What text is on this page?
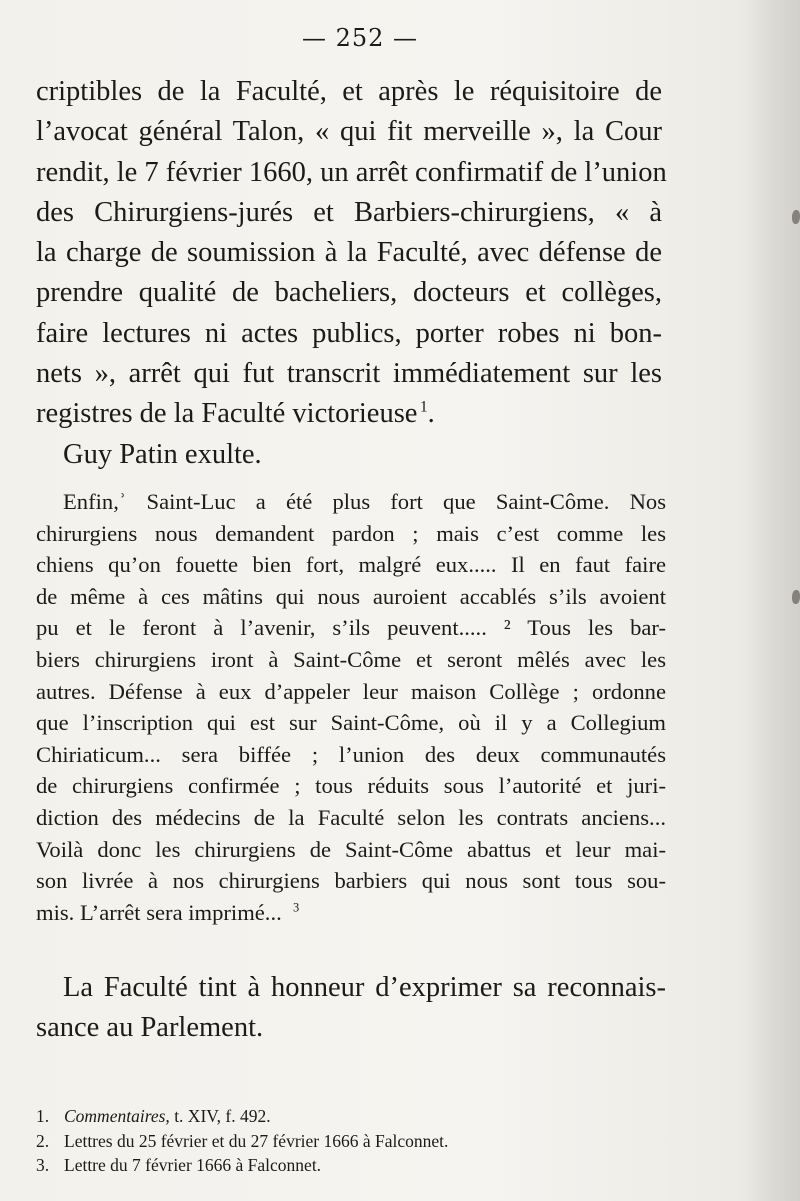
— 252 —
criptibles de la Faculté, et après le réquisitoire de
l’avocat général Talon, « qui fit merveille », la Cour
rendit, le 7 février 1660, un arrêt confirmatif de l’union
des Chirurgiens-jurés et Barbiers-chirurgiens, « à
la charge de soumission à la Faculté, avec défense de
prendre qualité de bacheliers, docteurs et collèges,
faire lectures ni actes publics, porter robes ni bon-
nets », arrêt qui fut transcrit immédiatement sur les
registres de la Faculté victorieuse  $^1$.
Guy Patin exulte.
Enfin,ʾ Saint-Luc a été plus fort que Saint-Côme. Nos
chirurgiens nous demandent pardon ; mais c’est comme les
chiens qu’on fouette bien fort, malgré eux..... Il en faut faire
de même à ces mâtins qui nous auroient accablés s’ils avoient
pu et le feront à l’avenir, s’ils peuvent..... ² Tous les bar-
biers chirurgiens iront à Saint-Côme et seront mêlés avec les
autres. Défense à eux d’appeler leur maison Collège ; ordonne
que l’inscription qui est sur Saint-Côme, où il y a Collegium
Chiriaticum... sera biffée ; l’union des deux communautés
de chirurgiens confirmée ; tous réduits sous l’autorité et juri-
diction des médecins de la Faculté selon les contrats anciens...
Voilà donc les chirurgiens de Saint-Côme abattus et leur mai-
son livrée à nos chirurgiens barbiers qui nous sont tous sou-
mis. L’arrêt sera imprimé...  $^3$
La Faculté tint à honneur d’exprimer sa reconnais-
sance au Parlement.
1. Commentaires, t. XIV, f. 492.
2. Lettres du 25 février et du 27 février 1666 à Falconnet.
3. Lettre du 7 février 1666 à Falconnet.
